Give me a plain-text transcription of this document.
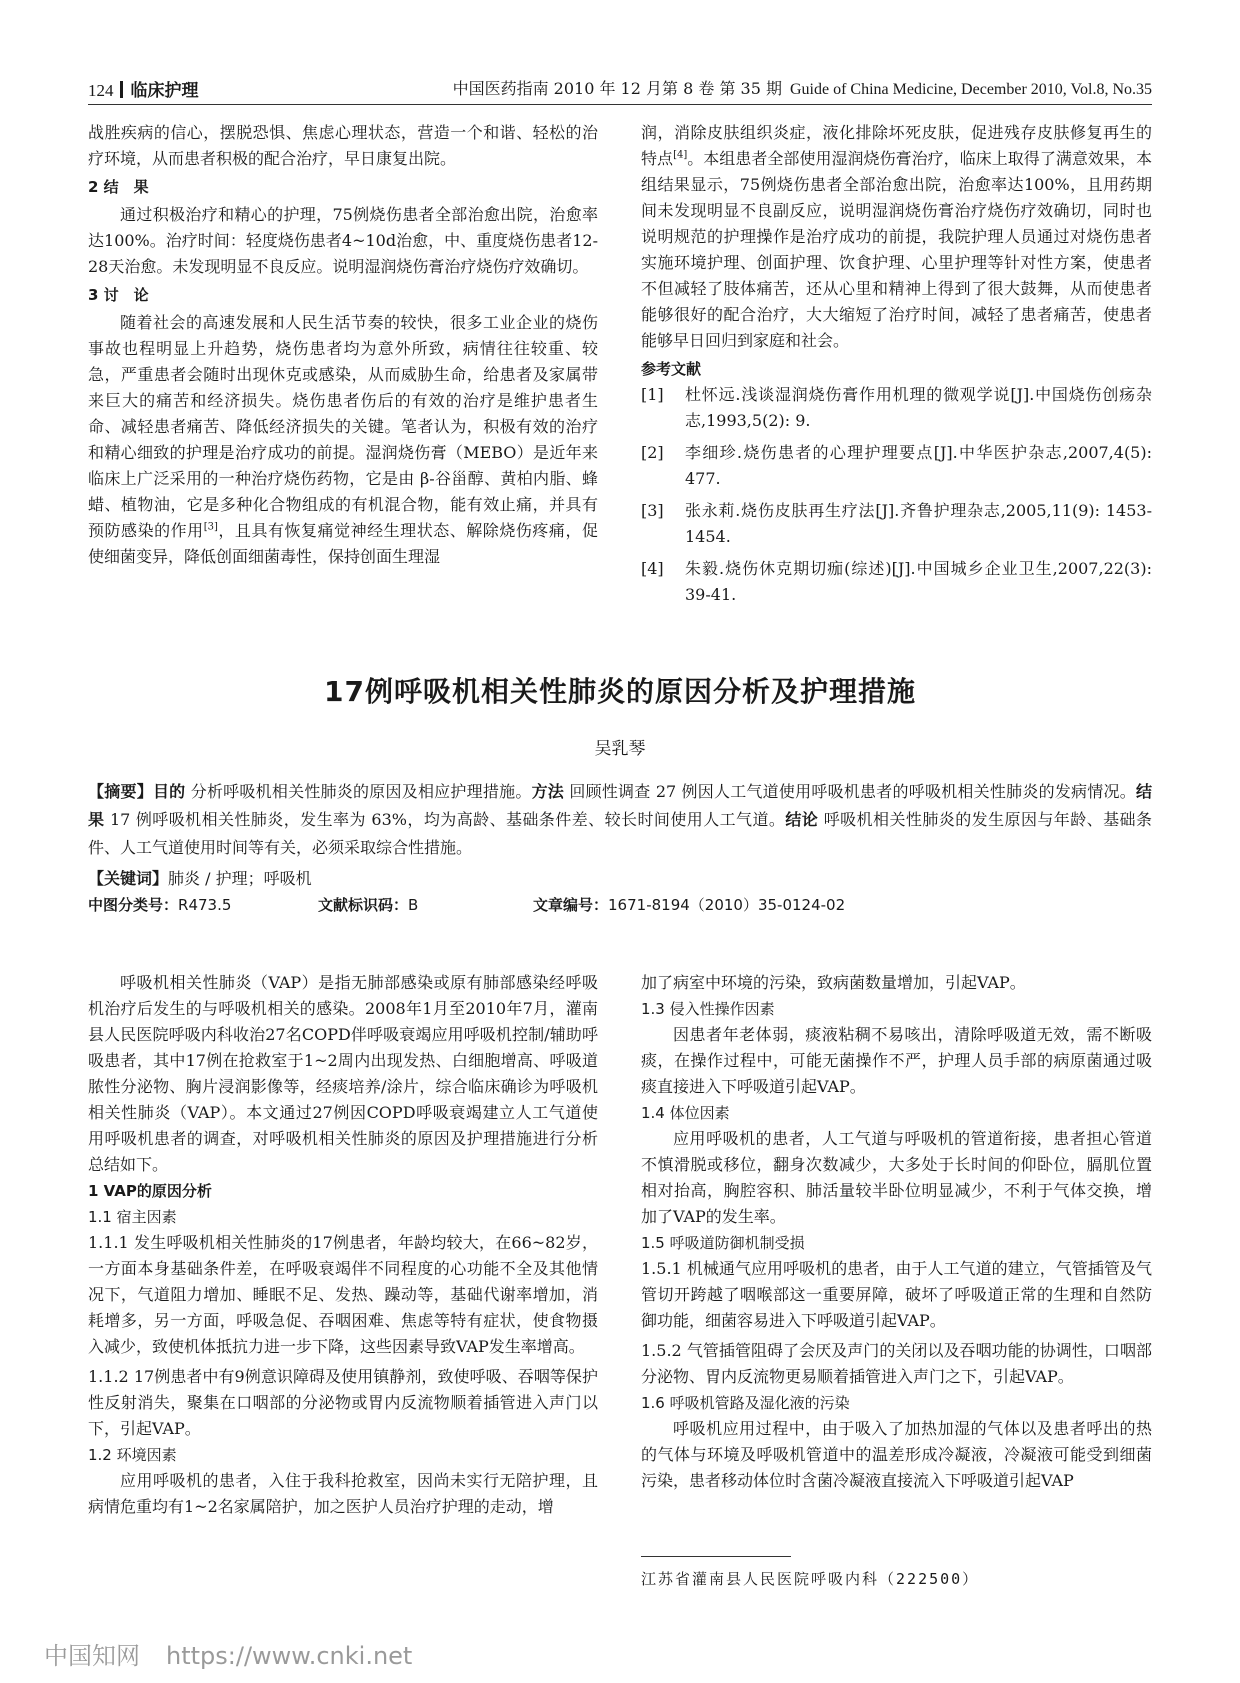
124 临床护理	中国医药指南 2010 年 12 月第 8 卷 第 35 期 Guide of China Medicine, December 2010, Vol.8, No.35

战胜疾病的信心，摆脱恐惧、焦虑心理状态，营造一个和谐、轻松的治疗环境，从而患者积极的配合治疗，早日康复出院。

2 结　果

通过积极治疗和精心的护理，75例烧伤患者全部治愈出院，治愈率达100%。治疗时间：轻度烧伤患者4~10d治愈，中、重度烧伤患者12-28天治愈。未发现明显不良反应。说明湿润烧伤膏治疗烧伤疗效确切。

3 讨　论

随着社会的高速发展和人民生活节奏的较快，很多工业企业的烧伤事故也程明显上升趋势，烧伤患者均为意外所致，病情往往较重、较急，严重患者会随时出现休克或感染，从而威胁生命，给患者及家属带来巨大的痛苦和经济损失。烧伤患者伤后的有效的治疗是维护患者生命、减轻患者痛苦、降低经济损失的关键。笔者认为，积极有效的治疗和精心细致的护理是治疗成功的前提。湿润烧伤膏（MEBO）是近年来临床上广泛采用的一种治疗烧伤药物，它是由 β-谷甾醇、黄柏内脂、蜂蜡、植物油，它是多种化合物组成的有机混合物，能有效止痛，并具有预防感染的作用[3]，且具有恢复痛觉神经生理状态、解除烧伤疼痛，促使细菌变异，降低创面细菌毒性，保持创面生理湿

润，消除皮肤组织炎症，液化排除坏死皮肤，促进残存皮肤修复再生的特点[4]。本组患者全部使用湿润烧伤膏治疗，临床上取得了满意效果，本组结果显示，75例烧伤患者全部治愈出院，治愈率达100%，且用药期间未发现明显不良副反应，说明湿润烧伤膏治疗烧伤疗效确切，同时也说明规范的护理操作是治疗成功的前提，我院护理人员通过对烧伤患者实施环境护理、创面护理、饮食护理、心里护理等针对性方案，使患者不但减轻了肢体痛苦，还从心里和精神上得到了很大鼓舞，从而使患者能够很好的配合治疗，大大缩短了治疗时间，减轻了患者痛苦，使患者能够早日回归到家庭和社会。

参考文献

[1] 杜怀远.浅谈湿润烧伤膏作用机理的微观学说[J].中国烧伤创疡杂志,1993,5(2): 9.

[2] 李细珍.烧伤患者的心理护理要点[J].中华医护杂志,2007,4(5): 477.

[3] 张永莉.烧伤皮肤再生疗法[J].齐鲁护理杂志,2005,11(9): 1453-1454.

[4] 朱毅.烧伤休克期切痂(综述)[J].中国城乡企业卫生,2007,22(3): 39-41.

17例呼吸机相关性肺炎的原因分析及护理措施
吴乳琴
【摘要】目的 分析呼吸机相关性肺炎的原因及相应护理措施。方法 回顾性调查 27 例因人工气道使用呼吸机患者的呼吸机相关性肺炎的发病情况。结果 17 例呼吸机相关性肺炎，发生率为 63%，均为高龄、基础条件差、较长时间使用人工气道。结论 呼吸机相关性肺炎的发生原因与年龄、基础条件、人工气道使用时间等有关，必须采取综合性措施。
【关键词】肺炎 / 护理；呼吸机
中图分类号：R473.5	文献标识码：B	文章编号：1671-8194（2010）35-0124-02

呼吸机相关性肺炎（VAP）是指无肺部感染或原有肺部感染经呼吸机治疗后发生的与呼吸机相关的感染。2008年1月至2010年7月，灌南县人民医院呼吸内科收治27名COPD伴呼吸衰竭应用呼吸机控制/辅助呼吸患者，其中17例在抢救室于1~2周内出现发热、白细胞增高、呼吸道脓性分泌物、胸片浸润影像等，经痰培养/涂片，综合临床确诊为呼吸机相关性肺炎（VAP）。本文通过27例因COPD呼吸衰竭建立人工气道使用呼吸机患者的调查，对呼吸机相关性肺炎的原因及护理措施进行分析总结如下。

1 VAP的原因分析
1.1 宿主因素

1.1.1 发生呼吸机相关性肺炎的17例患者，年龄均较大，在66~82岁，一方面本身基础条件差，在呼吸衰竭伴不同程度的心功能不全及其他情况下，气道阻力增加、睡眠不足、发热、躁动等，基础代谢率增加，消耗增多，另一方面，呼吸急促、吞咽困难、焦虑等特有症状，使食物摄入减少，致使机体抵抗力进一步下降，这些因素导致VAP发生率增高。

1.1.2 17例患者中有9例意识障碍及使用镇静剂，致使呼吸、吞咽等保护性反射消失，聚集在口咽部的分泌物或胃内反流物顺着插管进入声门以下，引起VAP。

1.2 环境因素

应用呼吸机的患者，入住于我科抢救室，因尚未实行无陪护理，且病情危重均有1~2名家属陪护，加之医护人员治疗护理的走动，增

加了病室中环境的污染，致病菌数量增加，引起VAP。

1.3 侵入性操作因素

因患者年老体弱，痰液粘稠不易咳出，清除呼吸道无效，需不断吸痰，在操作过程中，可能无菌操作不严，护理人员手部的病原菌通过吸痰直接进入下呼吸道引起VAP。

1.4 体位因素

应用呼吸机的患者，人工气道与呼吸机的管道衔接，患者担心管道不慎滑脱或移位，翻身次数减少，大多处于长时间的仰卧位，膈肌位置相对抬高，胸腔容积、肺活量较半卧位明显减少，不利于气体交换，增加了VAP的发生率。

1.5 呼吸道防御机制受损

1.5.1 机械通气应用呼吸机的患者，由于人工气道的建立，气管插管及气管切开跨越了咽喉部这一重要屏障，破坏了呼吸道正常的生理和自然防御功能，细菌容易进入下呼吸道引起VAP。

1.5.2 气管插管阻碍了会厌及声门的关闭以及吞咽功能的协调性，口咽部分泌物、胃内反流物更易顺着插管进入声门之下，引起VAP。

1.6 呼吸机管路及湿化液的污染

呼吸机应用过程中，由于吸入了加热加湿的气体以及患者呼出的热的气体与环境及呼吸机管道中的温差形成冷凝液，冷凝液可能受到细菌污染，患者移动体位时含菌冷凝液直接流入下呼吸道引起VAP

江苏省灌南县人民医院呼吸内科（222500）
中国知网 https://www.cnki.net
